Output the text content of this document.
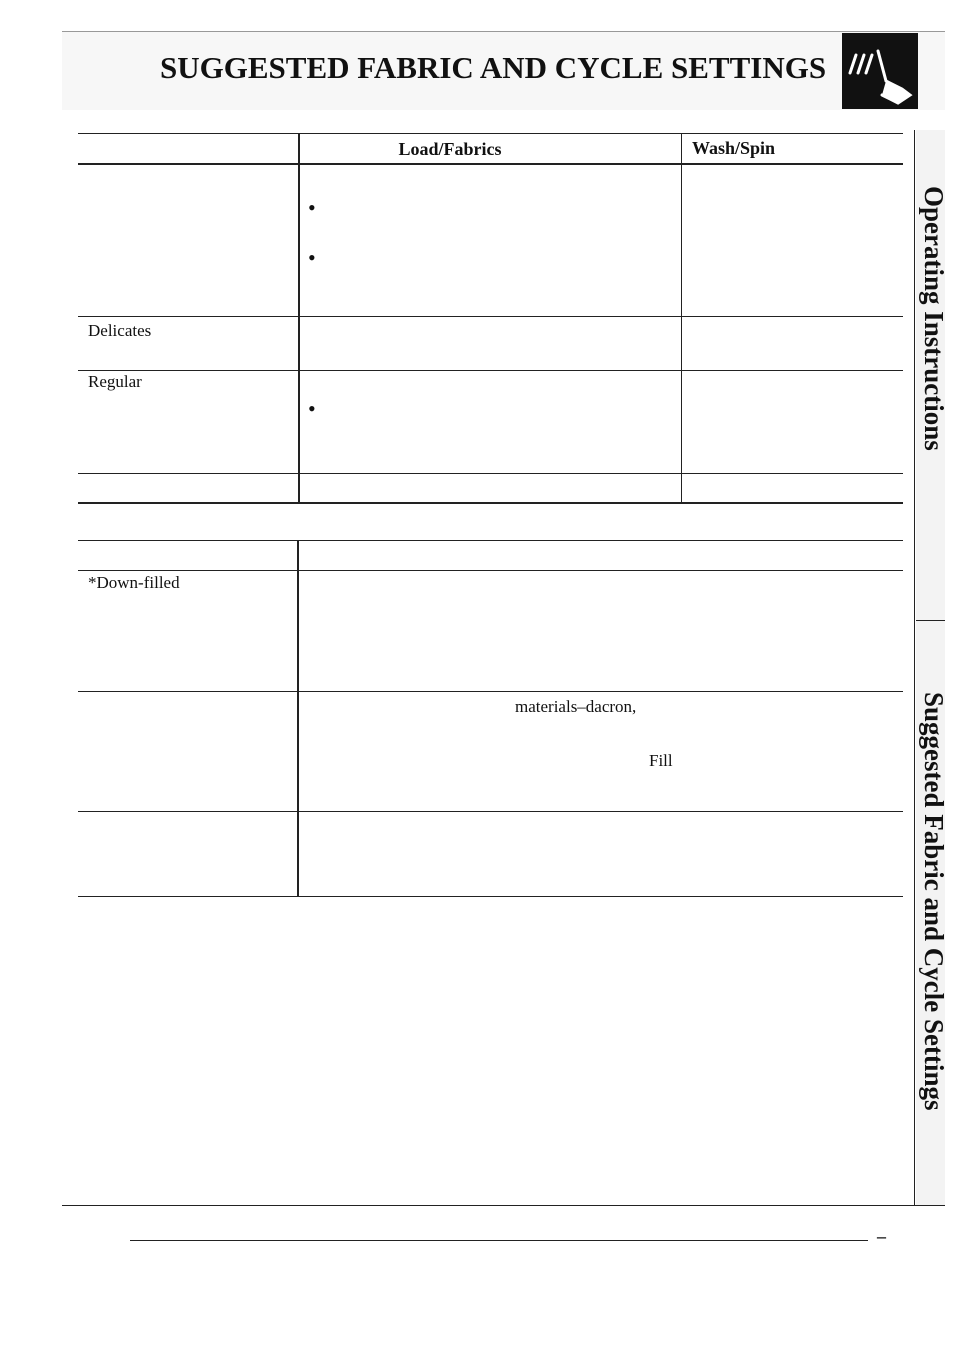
SUGGESTED FABRIC AND CYCLE SETTINGS
Operating Instructions
Suggested Fabric and Cycle Settings
Load/Fabrics	Wash/Spin
•
•
Delicates
Regular
•
*Down-filled
materials–dacron,
Fill
–
